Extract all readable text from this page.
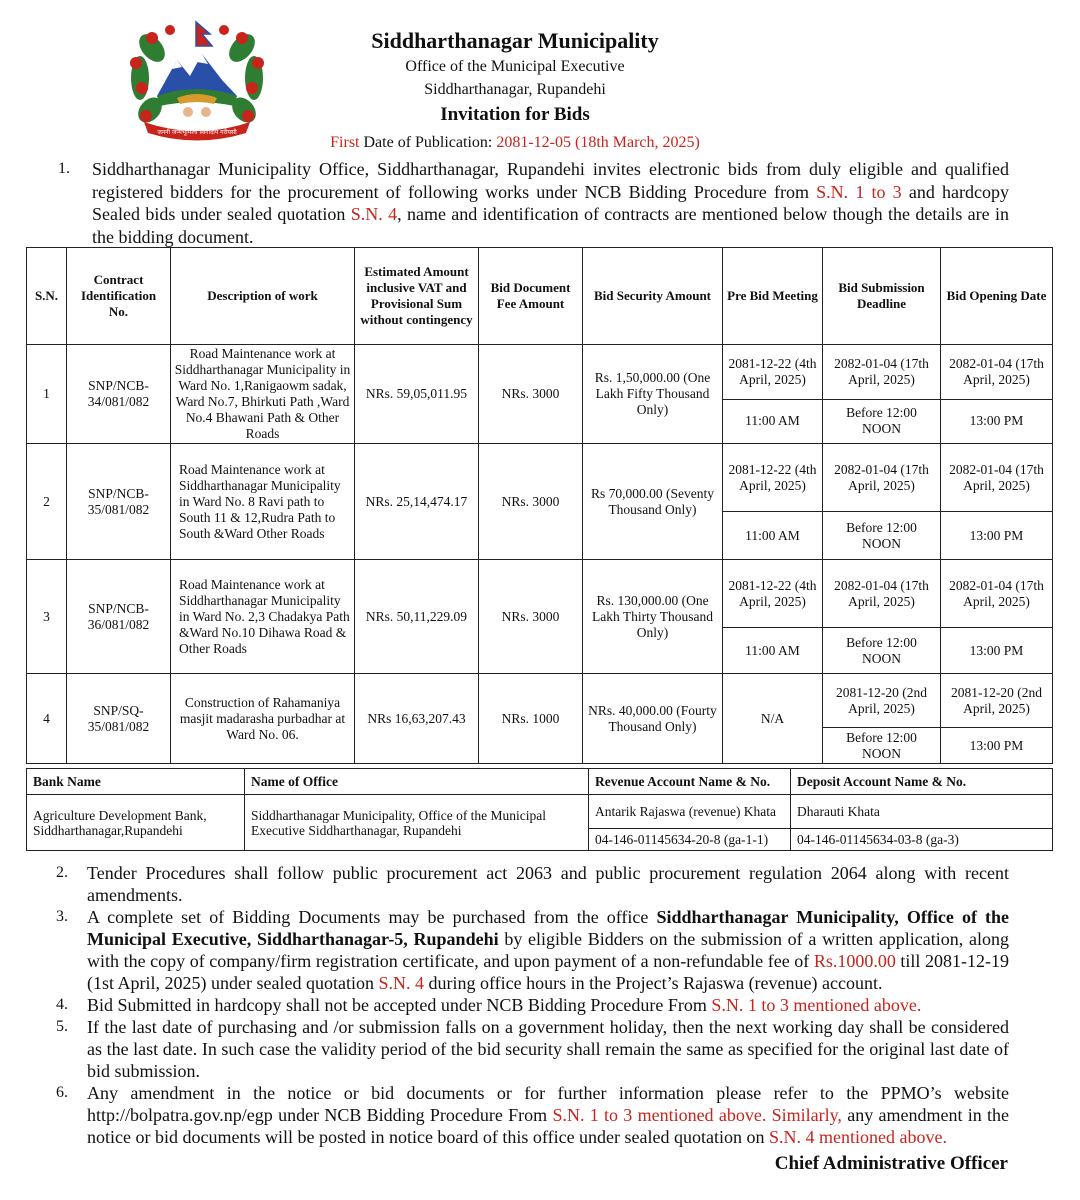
जननी जन्मभूमिश्च स्वर्गादपि गरीयसी
Siddharthanagar Municipality
Office of the Municipal Executive
Siddharthanagar, Rupandehi
Invitation for Bids
First Date of Publication: 2081-12-05 (18th March, 2025)
1. Siddharthanagar Municipality Office, Siddharthanagar, Rupandehi invites electronic bids from duly eligible and qualified registered bidders for the procurement of following works under NCB Bidding Procedure from S.N. 1 to 3 and hardcopy Sealed bids under sealed quotation S.N. 4, name and identification of contracts are mentioned below though the details are in the bidding document.
S.N.	Contract Identification No.	Description of work	Estimated Amount inclusive VAT and Provisional Sum without contingency	Bid Document Fee Amount	Bid Security Amount	Pre Bid Meeting	Bid Submission Deadline	Bid Opening Date
1	SNP/NCB-34/081/082	Road Maintenance work at Siddharthanagar Municipality in Ward No. 1,Ranigaowm sadak, Ward No.7, Bhirkuti Path ,Ward No.4 Bhawani Path & Other Roads	NRs. 59,05,011.95	NRs. 3000	Rs. 1,50,000.00 (One Lakh Fifty Thousand Only)	2081-12-22 (4th April, 2025)	2082-01-04 (17th April, 2025)	2082-01-04 (17th April, 2025)
						11:00 AM	Before 12:00 NOON	13:00 PM
2	SNP/NCB-35/081/082	Road Maintenance work at Siddharthanagar Municipality in Ward No. 8 Ravi path to South 11 & 12,Rudra Path to South &Ward Other Roads	NRs. 25,14,474.17	NRs. 3000	Rs 70,000.00 (Seventy Thousand Only)	2081-12-22 (4th April, 2025)	2082-01-04 (17th April, 2025)	2082-01-04 (17th April, 2025)
						11:00 AM	Before 12:00 NOON	13:00 PM
3	SNP/NCB-36/081/082	Road Maintenance work at Siddharthanagar Municipality in Ward No. 2,3 Chadakya Path &Ward No.10 Dihawa Road & Other Roads	NRs. 50,11,229.09	NRs. 3000	Rs. 130,000.00 (One Lakh Thirty Thousand Only)	2081-12-22 (4th April, 2025)	2082-01-04 (17th April, 2025)	2082-01-04 (17th April, 2025)
						11:00 AM	Before 12:00 NOON	13:00 PM
4	SNP/SQ-35/081/082	Construction of Rahamaniya masjit madarasha purbadhar at Ward No. 06.	NRs 16,63,207.43	NRs. 1000	NRs. 40,000.00 (Fourty Thousand Only)	N/A	2081-12-20 (2nd April, 2025)	2081-12-20 (2nd April, 2025)
							Before 12:00 NOON	13:00 PM
Bank Name	Name of Office	Revenue Account Name & No.	Deposit Account Name & No.
Agriculture Development Bank, Siddharthanagar,Rupandehi	Siddharthanagar Municipality, Office of the Municipal Executive Siddharthanagar, Rupandehi	Antarik Rajaswa (revenue) Khata	Dharauti Khata
		04-146-01145634-20-8 (ga-1-1)	04-146-01145634-03-8 (ga-3)
2. Tender Procedures shall follow public procurement act 2063 and public procurement regulation 2064 along with recent amendments.
3. A complete set of Bidding Documents may be purchased from the office Siddharthanagar Municipality, Office of the Municipal Executive, Siddharthanagar-5, Rupandehi by eligible Bidders on the submission of a written application, along with the copy of company/firm registration certificate, and upon payment of a non-refundable fee of Rs.1000.00 till 2081-12-19 (1st April, 2025) under sealed quotation S.N. 4 during office hours in the Project’s Rajaswa (revenue) account.
4. Bid Submitted in hardcopy shall not be accepted under NCB Bidding Procedure From S.N. 1 to 3 mentioned above.
5. If the last date of purchasing and /or submission falls on a government holiday, then the next working day shall be considered as the last date. In such case the validity period of the bid security shall remain the same as specified for the original last date of bid submission.
6. Any amendment in the notice or bid documents or for further information please refer to the PPMO’s website http://bolpatra.gov.np/egp under NCB Bidding Procedure From S.N. 1 to 3 mentioned above. Similarly, any amendment in the notice or bid documents will be posted in notice board of this office under sealed quotation on S.N. 4 mentioned above.
Chief Administrative Officer
